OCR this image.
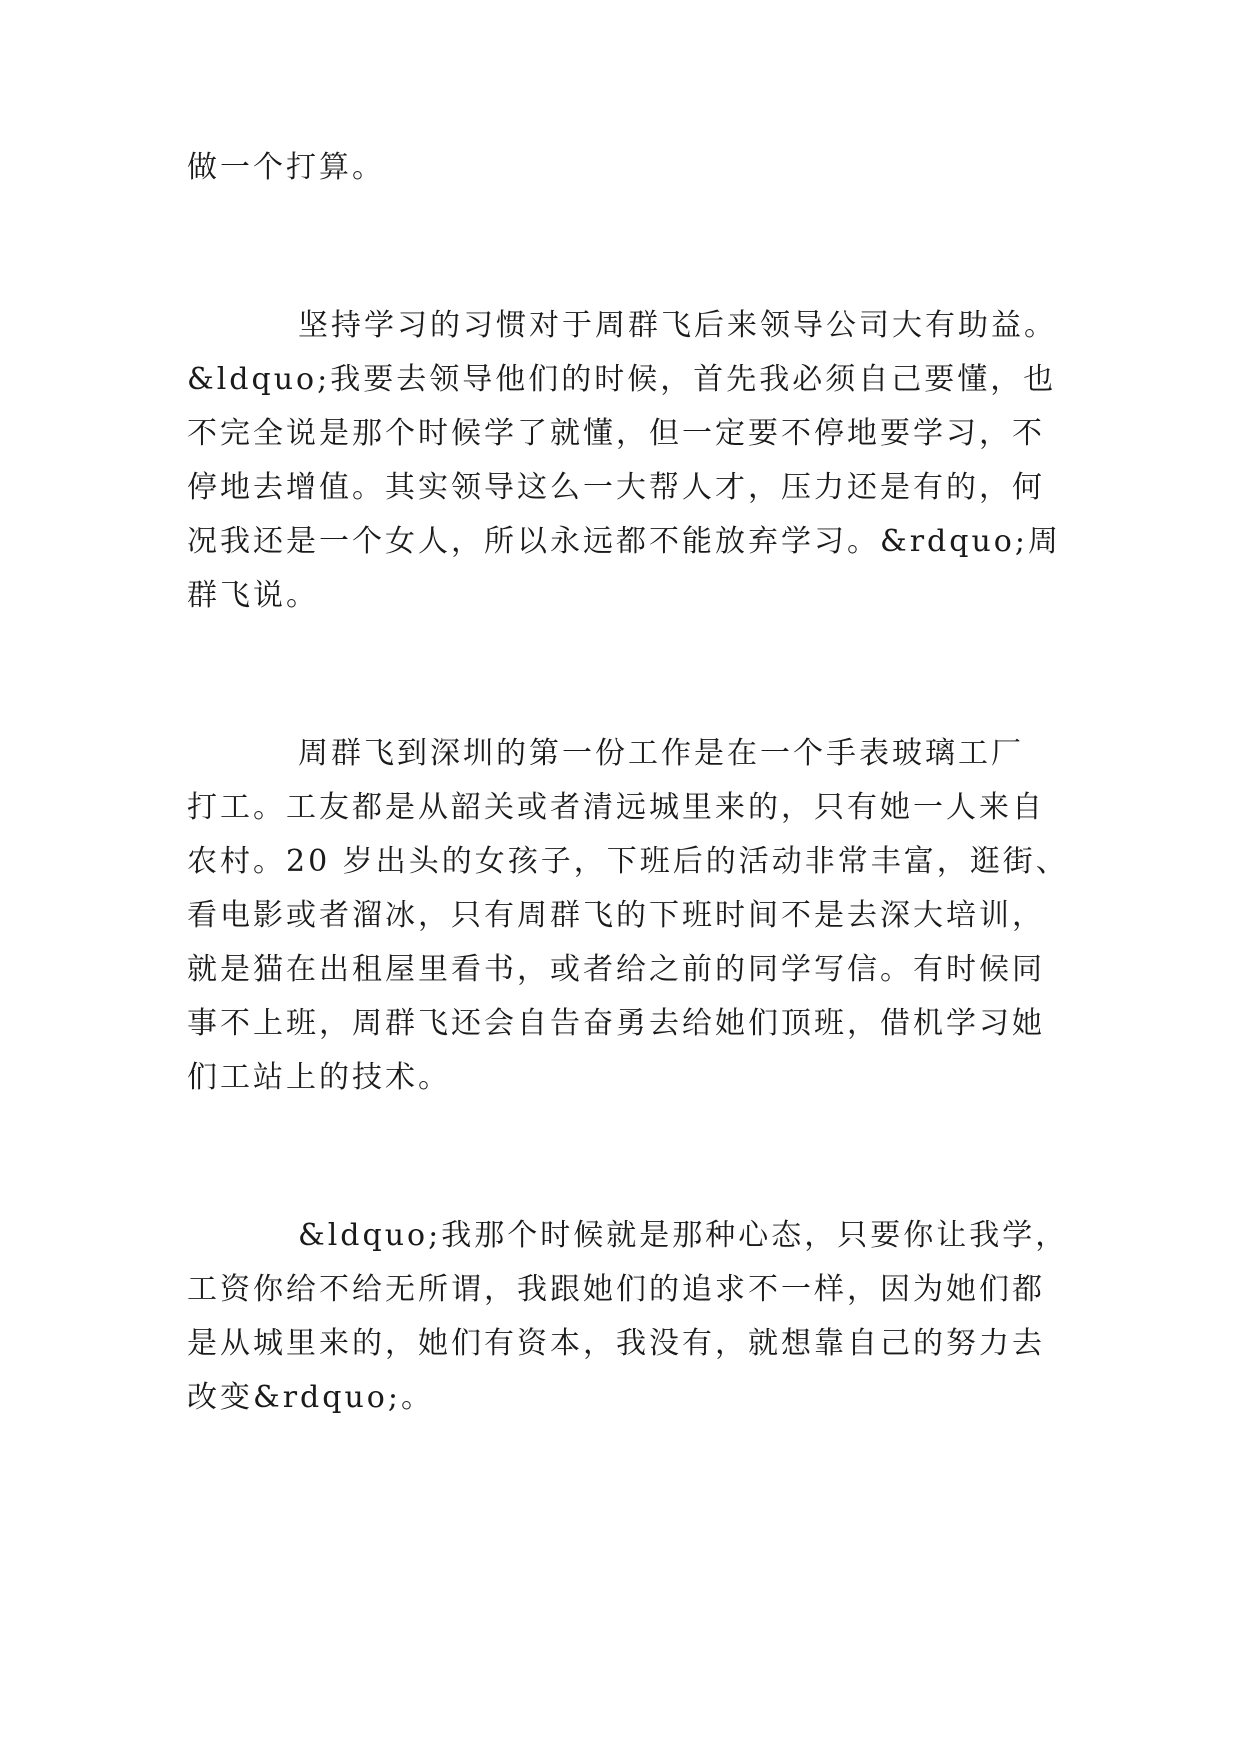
做一个打算。
坚持学习的习惯对于周群飞后来领导公司大有助益。
&ldquo;我要去领导他们的时候，首先我必须自己要懂，也
不完全说是那个时候学了就懂，但一定要不停地要学习，不
停地去增值。其实领导这么一大帮人才，压力还是有的，何
况我还是一个女人，所以永远都不能放弃学习。&rdquo;周
群飞说。
周群飞到深圳的第一份工作是在一个手表玻璃工厂
打工。工友都是从韶关或者清远城里来的，只有她一人来自
农村。20 岁出头的女孩子，下班后的活动非常丰富，逛街、
看电影或者溜冰，只有周群飞的下班时间不是去深大培训，
就是猫在出租屋里看书，或者给之前的同学写信。有时候同
事不上班，周群飞还会自告奋勇去给她们顶班，借机学习她
们工站上的技术。
&ldquo;我那个时候就是那种心态，只要你让我学，
工资你给不给无所谓，我跟她们的追求不一样，因为她们都
是从城里来的，她们有资本，我没有，就想靠自己的努力去
改变&rdquo;。
